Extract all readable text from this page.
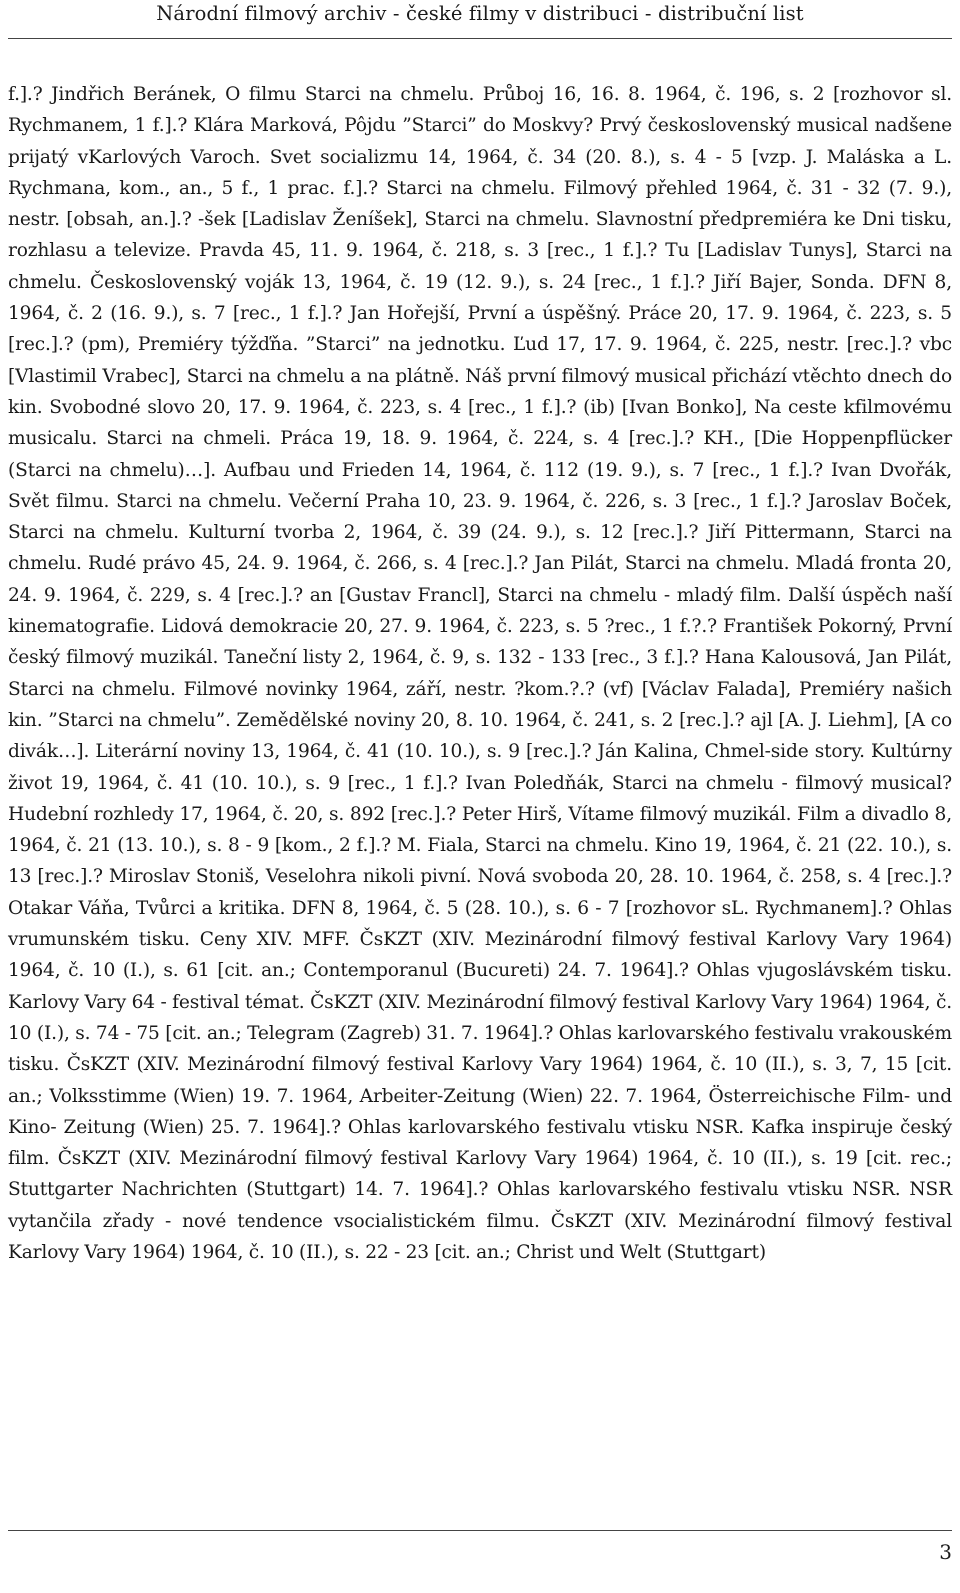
Národní filmový archiv - české filmy v distribuci - distribuční list
f.].? Jindřich Beránek, O filmu Starci na chmelu. Průboj 16, 16. 8. 1964, č. 196, s. 2 [rozhovor sl. Rychmanem, 1 f.].? Klára Marková, Pôjdu ”Starci” do Moskvy? Prvý československý musical nadšene prijatý vKarlových Varoch. Svet socializmu 14, 1964, č. 34 (20. 8.), s. 4 - 5 [vzp. J. Maláska a L. Rychmana, kom., an., 5 f., 1 prac. f.].? Starci na chmelu. Filmový přehled 1964, č. 31 - 32 (7. 9.), nestr. [obsah, an.].? -šek [Ladislav Ženíšek], Starci na chmelu. Slavnostní předpremiéra ke Dni tisku, rozhlasu a televize. Pravda 45, 11. 9. 1964, č. 218, s. 3 [rec., 1 f.].? Tu [Ladislav Tunys], Starci na chmelu. Československý voják 13, 1964, č. 19 (12. 9.), s. 24 [rec., 1 f.].? Jiří Bajer, Sonda. DFN 8, 1964, č. 2 (16. 9.), s. 7 [rec., 1 f.].? Jan Hořejší, První a úspěšný. Práce 20, 17. 9. 1964, č. 223, s. 5 [rec.].? (pm), Premiéry týžďňa. ”Starci” na jednotku. Ľud 17, 17. 9. 1964, č. 225, nestr. [rec.].? vbc [Vlastimil Vrabec], Starci na chmelu a na plátně. Náš první filmový musical přichází vtěchto dnech do kin. Svobodné slovo 20, 17. 9. 1964, č. 223, s. 4 [rec., 1 f.].? (ib) [Ivan Bonko], Na ceste kfilmovému musicalu. Starci na chmeli. Práca 19, 18. 9. 1964, č. 224, s. 4 [rec.].? KH., [Die Hoppenpflücker (Starci na chmelu)…]. Aufbau und Frieden 14, 1964, č. 112 (19. 9.), s. 7 [rec., 1 f.].? Ivan Dvořák, Svět filmu. Starci na chmelu. Večerní Praha 10, 23. 9. 1964, č. 226, s. 3 [rec., 1 f.].? Jaroslav Boček, Starci na chmelu. Kulturní tvorba 2, 1964, č. 39 (24. 9.), s. 12 [rec.].? Jiří Pittermann, Starci na chmelu. Rudé právo 45, 24. 9. 1964, č. 266, s. 4 [rec.].? Jan Pilát, Starci na chmelu. Mladá fronta 20, 24. 9. 1964, č. 229, s. 4 [rec.].? an [Gustav Francl], Starci na chmelu - mladý film. Další úspěch naší kinematografie. Lidová demokracie 20, 27. 9. 1964, č. 223, s. 5 ?rec., 1 f.?.? František Pokorný, První český filmový muzikál. Taneční listy 2, 1964, č. 9, s. 132 - 133 [rec., 3 f.].? Hana Kalousová, Jan Pilát, Starci na chmelu. Filmové novinky 1964, září, nestr. ?kom.?.? (vf) [Václav Falada], Premiéry našich kin. ”Starci na chmelu”. Zemědělské noviny 20, 8. 10. 1964, č. 241, s. 2 [rec.].? ajl [A. J. Liehm], [A co divák…]. Literární noviny 13, 1964, č. 41 (10. 10.), s. 9 [rec.].? Ján Kalina, Chmel-side story. Kultúrny život 19, 1964, č. 41 (10. 10.), s. 9 [rec., 1 f.].? Ivan Poledňák, Starci na chmelu - filmový musical? Hudební rozhledy 17, 1964, č. 20, s. 892 [rec.].? Peter Hirš, Vítame filmový muzikál. Film a divadlo 8, 1964, č. 21 (13. 10.), s. 8 - 9 [kom., 2 f.].? M. Fiala, Starci na chmelu. Kino 19, 1964, č. 21 (22. 10.), s. 13 [rec.].? Miroslav Stoniš, Veselohra nikoli pivní. Nová svoboda 20, 28. 10. 1964, č. 258, s. 4 [rec.].? Otakar Váňa, Tvůrci a kritika. DFN 8, 1964, č. 5 (28. 10.), s. 6 - 7 [rozhovor sL. Rychmanem].? Ohlas vrumunském tisku. Ceny XIV. MFF. ČsKZT (XIV. Mezinárodní filmový festival Karlovy Vary 1964) 1964, č. 10 (I.), s. 61 [cit. an.; Contemporanul (Bucureti) 24. 7. 1964].? Ohlas vjugoslávském tisku. Karlovy Vary 64 - festival témat. ČsKZT (XIV. Mezinárodní filmový festival Karlovy Vary 1964) 1964, č. 10 (I.), s. 74 - 75 [cit. an.; Telegram (Zagreb) 31. 7. 1964].? Ohlas karlovarského festivalu vrakouském tisku. ČsKZT (XIV. Mezinárodní filmový festival Karlovy Vary 1964) 1964, č. 10 (II.), s. 3, 7, 15 [cit. an.; Volksstimme (Wien) 19. 7. 1964, Arbeiter-Zeitung (Wien) 22. 7. 1964, Österreichische Film- und Kino- Zeitung (Wien) 25. 7. 1964].? Ohlas karlovarského festivalu vtisku NSR. Kafka inspiruje český film. ČsKZT (XIV. Mezinárodní filmový festival Karlovy Vary 1964) 1964, č. 10 (II.), s. 19 [cit. rec.; Stuttgarter Nachrichten (Stuttgart) 14. 7. 1964].? Ohlas karlovarského festivalu vtisku NSR. NSR vytančila zřady - nové tendence vsocialistickém filmu. ČsKZT (XIV. Mezinárodní filmový festival Karlovy Vary 1964) 1964, č. 10 (II.), s. 22 - 23 [cit. an.; Christ und Welt (Stuttgart)
3
